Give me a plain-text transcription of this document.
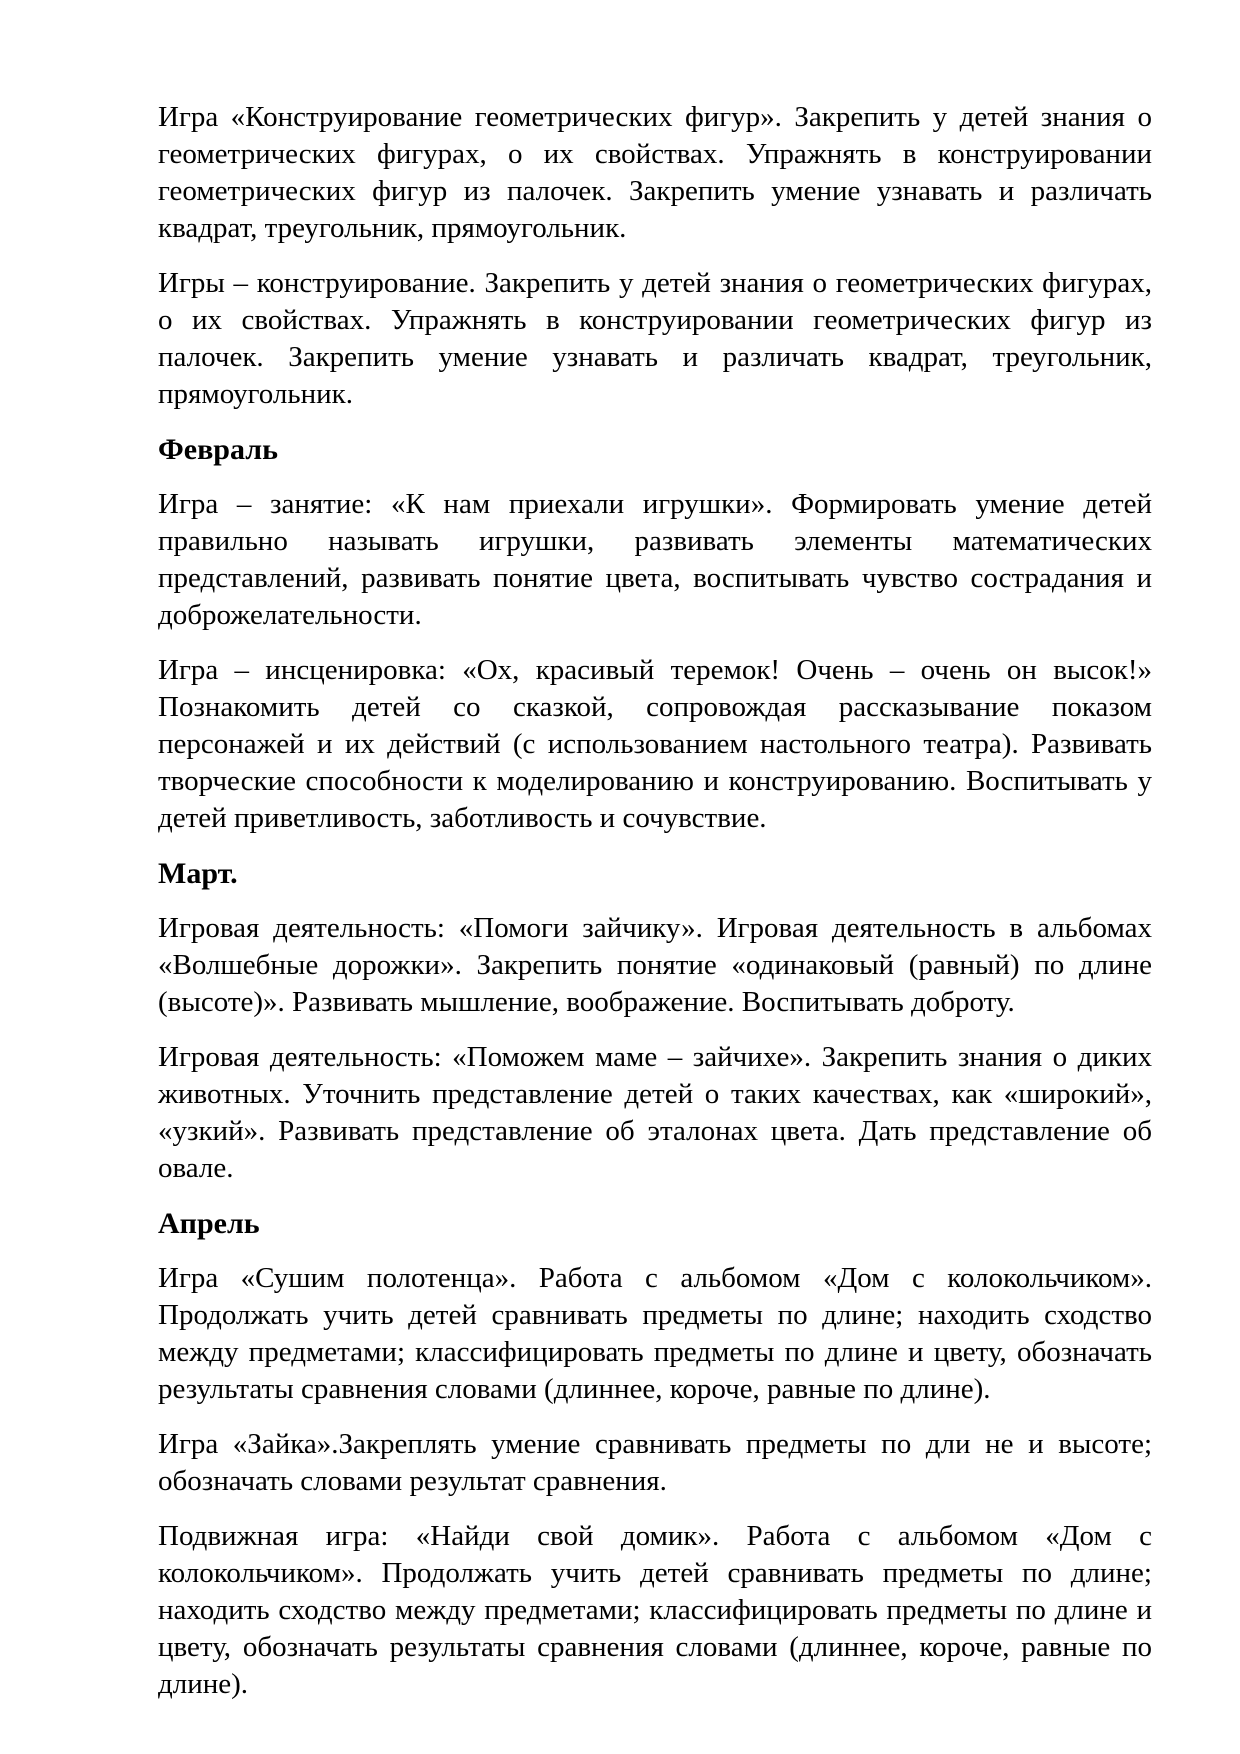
Игра «Конструирование геометрических фигур». Закрепить у детей знания о геометрических фигурах, о их свойствах. Упражнять в конструировании геометрических фигур из палочек. Закрепить умение узнавать и различать квадрат, треугольник, прямоугольник.

Игры – конструирование. Закрепить у детей знания о геометрических фигурах, о их свойствах. Упражнять в конструировании геометрических фигур из палочек. Закрепить умение узнавать и различать квадрат, треугольник, прямоугольник.

Февраль

Игра – занятие: «К нам приехали игрушки». Формировать умение детей правильно называть игрушки, развивать элементы математических представлений, развивать понятие цвета, воспитывать чувство сострадания и доброжелательности.

Игра – инсценировка: «Ох, красивый теремок! Очень – очень он высок!» Познакомить детей со сказкой, сопровождая рассказывание показом персонажей и их действий (с использованием настольного театра). Развивать творческие способности к моделированию и конструированию. Воспитывать у детей приветливость, заботливость и сочувствие.

Март.

Игровая деятельность: «Помоги зайчику». Игровая деятельность в альбомах «Волшебные дорожки». Закрепить понятие «одинаковый (равный) по длине (высоте)». Развивать мышление, воображение. Воспитывать доброту.

Игровая деятельность: «Поможем маме – зайчихе». Закрепить знания о диких животных. Уточнить представление детей о таких качествах, как «широкий», «узкий». Развивать представление об эталонах цвета. Дать представление об овале.

Апрель

Игра «Сушим полотенца». Работа с альбомом «Дом с колокольчиком». Продолжать учить детей сравнивать предметы по длине; находить сходство между предметами; классифицировать предметы по длине и цвету, обозначать результаты сравнения словами (длиннее, короче, равные по длине).

Игра «Зайка».Закреплять умение сравнивать предметы по дли не и высоте; обозначать словами результат сравнения.

Подвижная игра: «Найди свой домик». Работа с альбомом «Дом с колокольчиком». Продолжать учить детей сравнивать предметы по длине; находить сходство между предметами; классифицировать предметы по длине и цвету, обозначать результаты сравнения словами (длиннее, короче, равные по длине).
